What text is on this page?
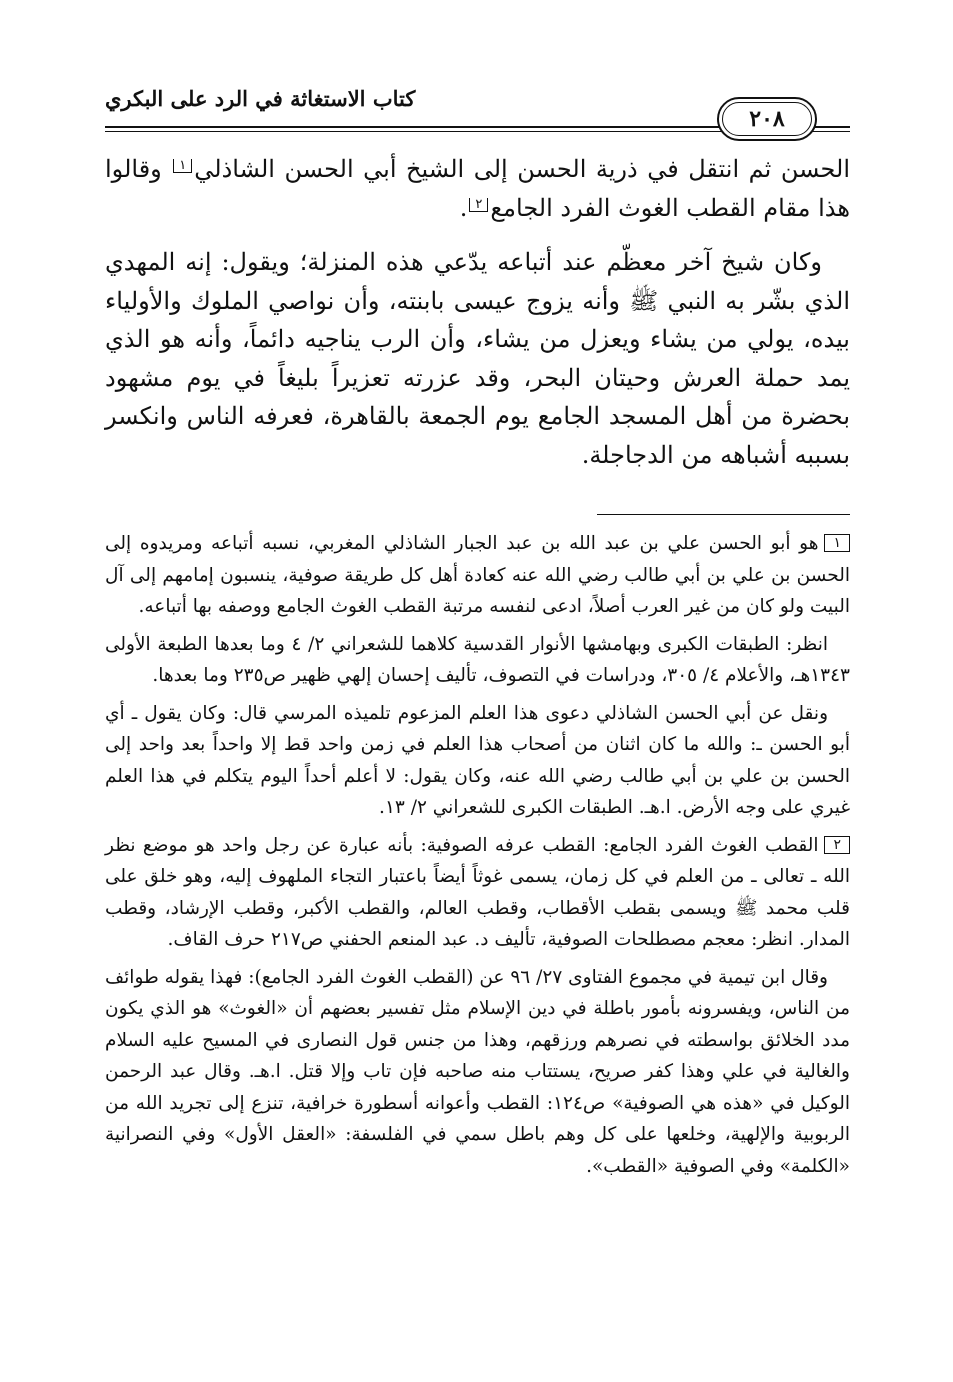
كتاب الاستغاثة في الرد على البكري
٢٠٨

الحسن ثم انتقل في ذرية الحسن إلى الشيخ أبي الحسن الشاذلي١ وقالوا هذا مقام القطب الغوث الفرد الجامع٢.

وكان شيخ آخر معظّم عند أتباعه يدّعي هذه المنزلة؛ ويقول: إنه المهدي الذي بشّر به النبي ﷺ وأنه يزوج عيسى بابنته، وأن نواصي الملوك والأولياء بيده، يولي من يشاء ويعزل من يشاء، وأن الرب يناجيه دائماً، وأنه هو الذي يمد حملة العرش وحيتان البحر، وقد عزرته تعزيراً بليغاً في يوم مشهود بحضرة من أهل المسجد الجامع يوم الجمعة بالقاهرة، فعرفه الناس وانكسر بسببه أشباهه من الدجاجلة.

١هو أبو الحسن علي بن عبد الله بن عبد الجبار الشاذلي المغربي، نسبه أتباعه ومريدوه إلى الحسن بن علي بن أبي طالب رضي الله عنه كعادة أهل كل طريقة صوفية، ينسبون إمامهم إلى آل البيت ولو كان من غير العرب أصلاً، ادعى لنفسه مرتبة القطب الغوث الجامع ووصفه بها أتباعه.

انظر: الطبقات الكبرى وبهامشها الأنوار القدسية كلاهما للشعراني ٢/ ٤ وما بعدها الطبعة الأولى ١٣٤٣هـ، والأعلام ٤/ ٣٠٥، ودراسات في التصوف، تأليف إحسان إلهي ظهير ص٢٣٥ وما بعدها.

ونقل عن أبي الحسن الشاذلي دعوى هذا العلم المزعوم تلميذه المرسي قال: وكان يقول ـ أي أبو الحسن ـ: والله ما كان اثنان من أصحاب هذا العلم في زمن واحد قط إلا واحداً بعد واحد إلى الحسن بن علي بن أبي طالب رضي الله عنه، وكان يقول: لا أعلم أحداً اليوم يتكلم في هذا العلم غيري على وجه الأرض. ا.هـ. الطبقات الكبرى للشعراني ٢/ ١٣.

٢القطب الغوث الفرد الجامع: القطب عرفه الصوفية: بأنه عبارة عن رجل واحد هو موضع نظر الله ـ تعالى ـ من العلم في كل زمان، يسمى غوثاً أيضاً باعتبار التجاء الملهوف إليه، وهو خلق على قلب محمد ﷺ ويسمى بقطب الأقطاب، وقطب العالم، والقطب الأكبر، وقطب الإرشاد، وقطب المدار. انظر: معجم مصطلحات الصوفية، تأليف د. عبد المنعم الحفني ص٢١٧ حرف القاف.

وقال ابن تيمية في مجموع الفتاوى ٢٧/ ٩٦ عن (القطب الغوث الفرد الجامع): فهذا يقوله طوائف من الناس، ويفسرونه بأمور باطلة في دين الإسلام مثل تفسير بعضهم أن «الغوث» هو الذي يكون مدد الخلائق بواسطته في نصرهم ورزقهم، وهذا من جنس قول النصارى في المسيح عليه السلام والغالية في علي وهذا كفر صريح، يستتاب منه صاحبه فإن تاب وإلا قتل. ا.هـ. وقال عبد الرحمن الوكيل في «هذه هي الصوفية» ص١٢٤: القطب وأعوانه أسطورة خرافية، تنزع إلى تجريد الله من الربوبية والإلهية، وخلعها على كل وهم باطل سمي في الفلسفة: «العقل الأول» وفي النصرانية «الكلمة» وفي الصوفية «القطب».
